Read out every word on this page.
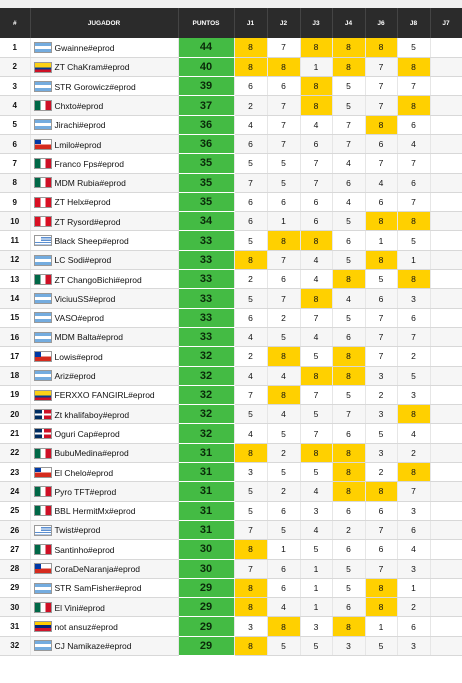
#	JUGADOR	PUNTOS	J1	J2	J3	J4	J6	J8	J7
1	Gwainne#eprod	44	8	7	8	8	8	5	
2	ZT ChaKram#eprod	40	8	8	1	8	7	8	
3	STR Gorowicz#eprod	39	6	6	8	5	7	7	
4	Chxto#eprod	37	2	7	8	5	7	8	
5	Jirachi#eprod	36	4	7	4	7	8	6	
6	Lmilo#eprod	36	6	7	6	7	6	4	
7	Franco Fps#eprod	35	5	5	7	4	7	7	
8	MDM Rubia#eprod	35	7	5	7	6	4	6	
9	ZT Helx#eprod	35	6	6	6	4	6	7	
10	ZT Rysord#eprod	34	6	1	6	5	8	8	
11	Black Sheep#eprod	33	5	8	8	6	1	5	
12	LC Sodi#eprod	33	8	7	4	5	8	1	
13	ZT ChangoBichi#eprod	33	2	6	4	8	5	8	
14	ViciuuSS#eprod	33	5	7	8	4	6	3	
15	VASO#eprod	33	6	2	7	5	7	6	
16	MDM Balta#eprod	33	4	5	4	6	7	7	
17	Lowis#eprod	32	2	8	5	8	7	2	
18	Ariz#eprod	32	4	4	8	8	3	5	
19	FERXXO FANGIRL#eprod	32	7	8	7	5	2	3	
20	Zt khalifaboy#eprod	32	5	4	5	7	3	8	
21	Oguri Cap#eprod	32	4	5	7	6	5	4	
22	BubuMedina#eprod	31	8	2	8	8	3	2	
23	El Chelo#eprod	31	3	5	5	8	2	8	
24	Pyro TFT#eprod	31	5	2	4	8	8	7	
25	BBL HermitMx#eprod	31	5	6	3	6	6	3	
26	Twist#eprod	31	7	5	4	2	7	6	
27	Santinho#eprod	30	8	1	5	6	6	4	
28	CoraDeNaranja#eprod	30	7	6	1	5	7	3	
29	STR SamFisher#eprod	29	8	6	1	5	8	1	
30	El Vini#eprod	29	8	4	1	6	8	2	
31	not ansuz#eprod	29	3	8	3	8	1	6	
32	CJ Namikaze#eprod	29	8	5	5	3	5	3	
